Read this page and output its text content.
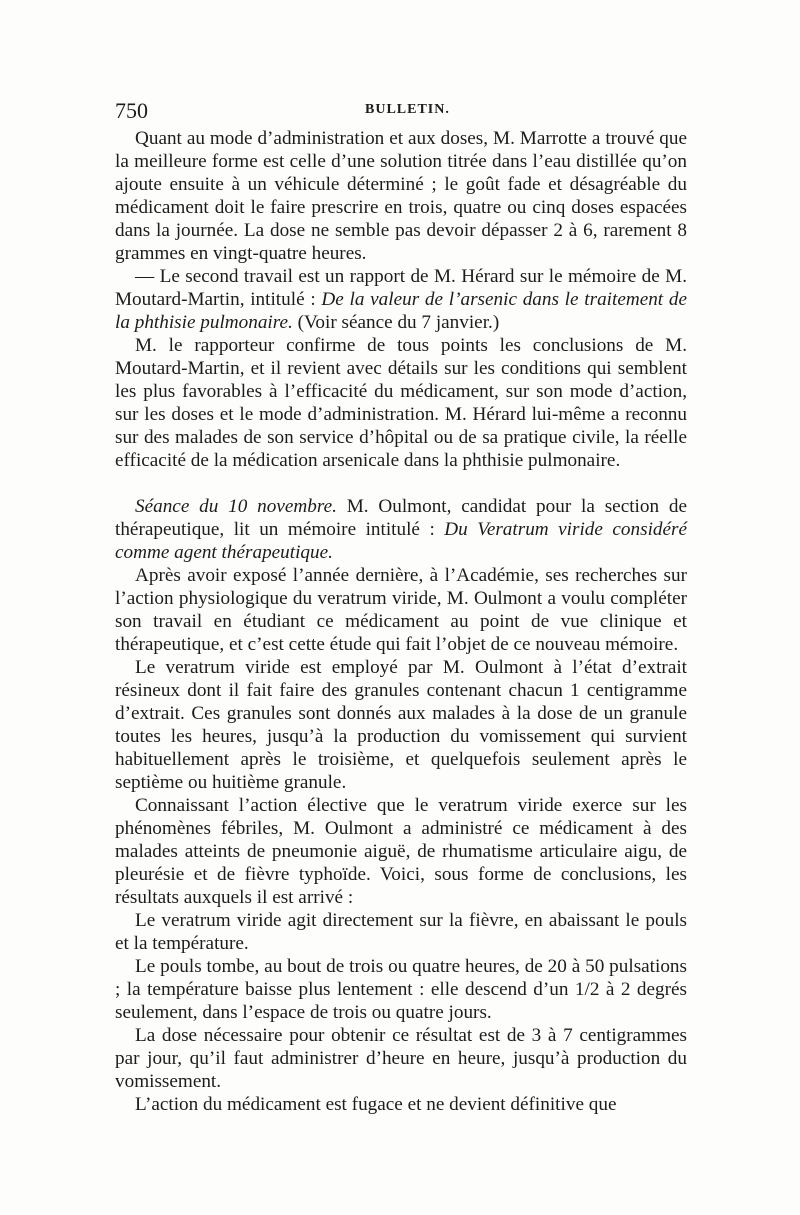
750	BULLETIN.

Quant au mode d’administration et aux doses, M. Marrotte a trouvé que la meilleure forme est celle d’une solution titrée dans l’eau distillée qu’on ajoute ensuite à un véhicule déterminé ; le goût fade et désagréable du médicament doit le faire prescrire en trois, quatre ou cinq doses espacées dans la journée. La dose ne semble pas devoir dépasser 2 à 6, rarement 8 grammes en vingt-quatre heures.

— Le second travail est un rapport de M. Hérard sur le mémoire de M. Moutard-Martin, intitulé : De la valeur de l’arsenic dans le traitement de la phthisie pulmonaire. (Voir séance du 7 janvier.)

M. le rapporteur confirme de tous points les conclusions de M. Moutard-Martin, et il revient avec détails sur les conditions qui semblent les plus favorables à l’efficacité du médicament, sur son mode d’action, sur les doses et le mode d’administration. M. Hérard lui-même a reconnu sur des malades de son service d’hôpital ou de sa pratique civile, la réelle efficacité de la médication arsenicale dans la phthisie pulmonaire.

Séance du 10 novembre. M. Oulmont, candidat pour la section de thérapeutique, lit un mémoire intitulé : Du Veratrum viride considéré comme agent thérapeutique.

Après avoir exposé l’année dernière, à l’Académie, ses recherches sur l’action physiologique du veratrum viride, M. Oulmont a voulu compléter son travail en étudiant ce médicament au point de vue clinique et thérapeutique, et c’est cette étude qui fait l’objet de ce nouveau mémoire.

Le veratrum viride est employé par M. Oulmont à l’état d’extrait résineux dont il fait faire des granules contenant chacun 1 centigramme d’extrait. Ces granules sont donnés aux malades à la dose de un granule toutes les heures, jusqu’à la production du vomissement qui survient habituellement après le troisième, et quelquefois seulement après le septième ou huitième granule.

Connaissant l’action élective que le veratrum viride exerce sur les phénomènes fébriles, M. Oulmont a administré ce médicament à des malades atteints de pneumonie aiguë, de rhumatisme articulaire aigu, de pleurésie et de fièvre typhoïde. Voici, sous forme de conclusions, les résultats auxquels il est arrivé :

Le veratrum viride agit directement sur la fièvre, en abaissant le pouls et la température.

Le pouls tombe, au bout de trois ou quatre heures, de 20 à 50 pulsations ; la température baisse plus lentement : elle descend d’un 1/2 à 2 degrés seulement, dans l’espace de trois ou quatre jours.

La dose nécessaire pour obtenir ce résultat est de 3 à 7 centigrammes par jour, qu’il faut administrer d’heure en heure, jusqu’à production du vomissement.

L’action du médicament est fugace et ne devient définitive que
